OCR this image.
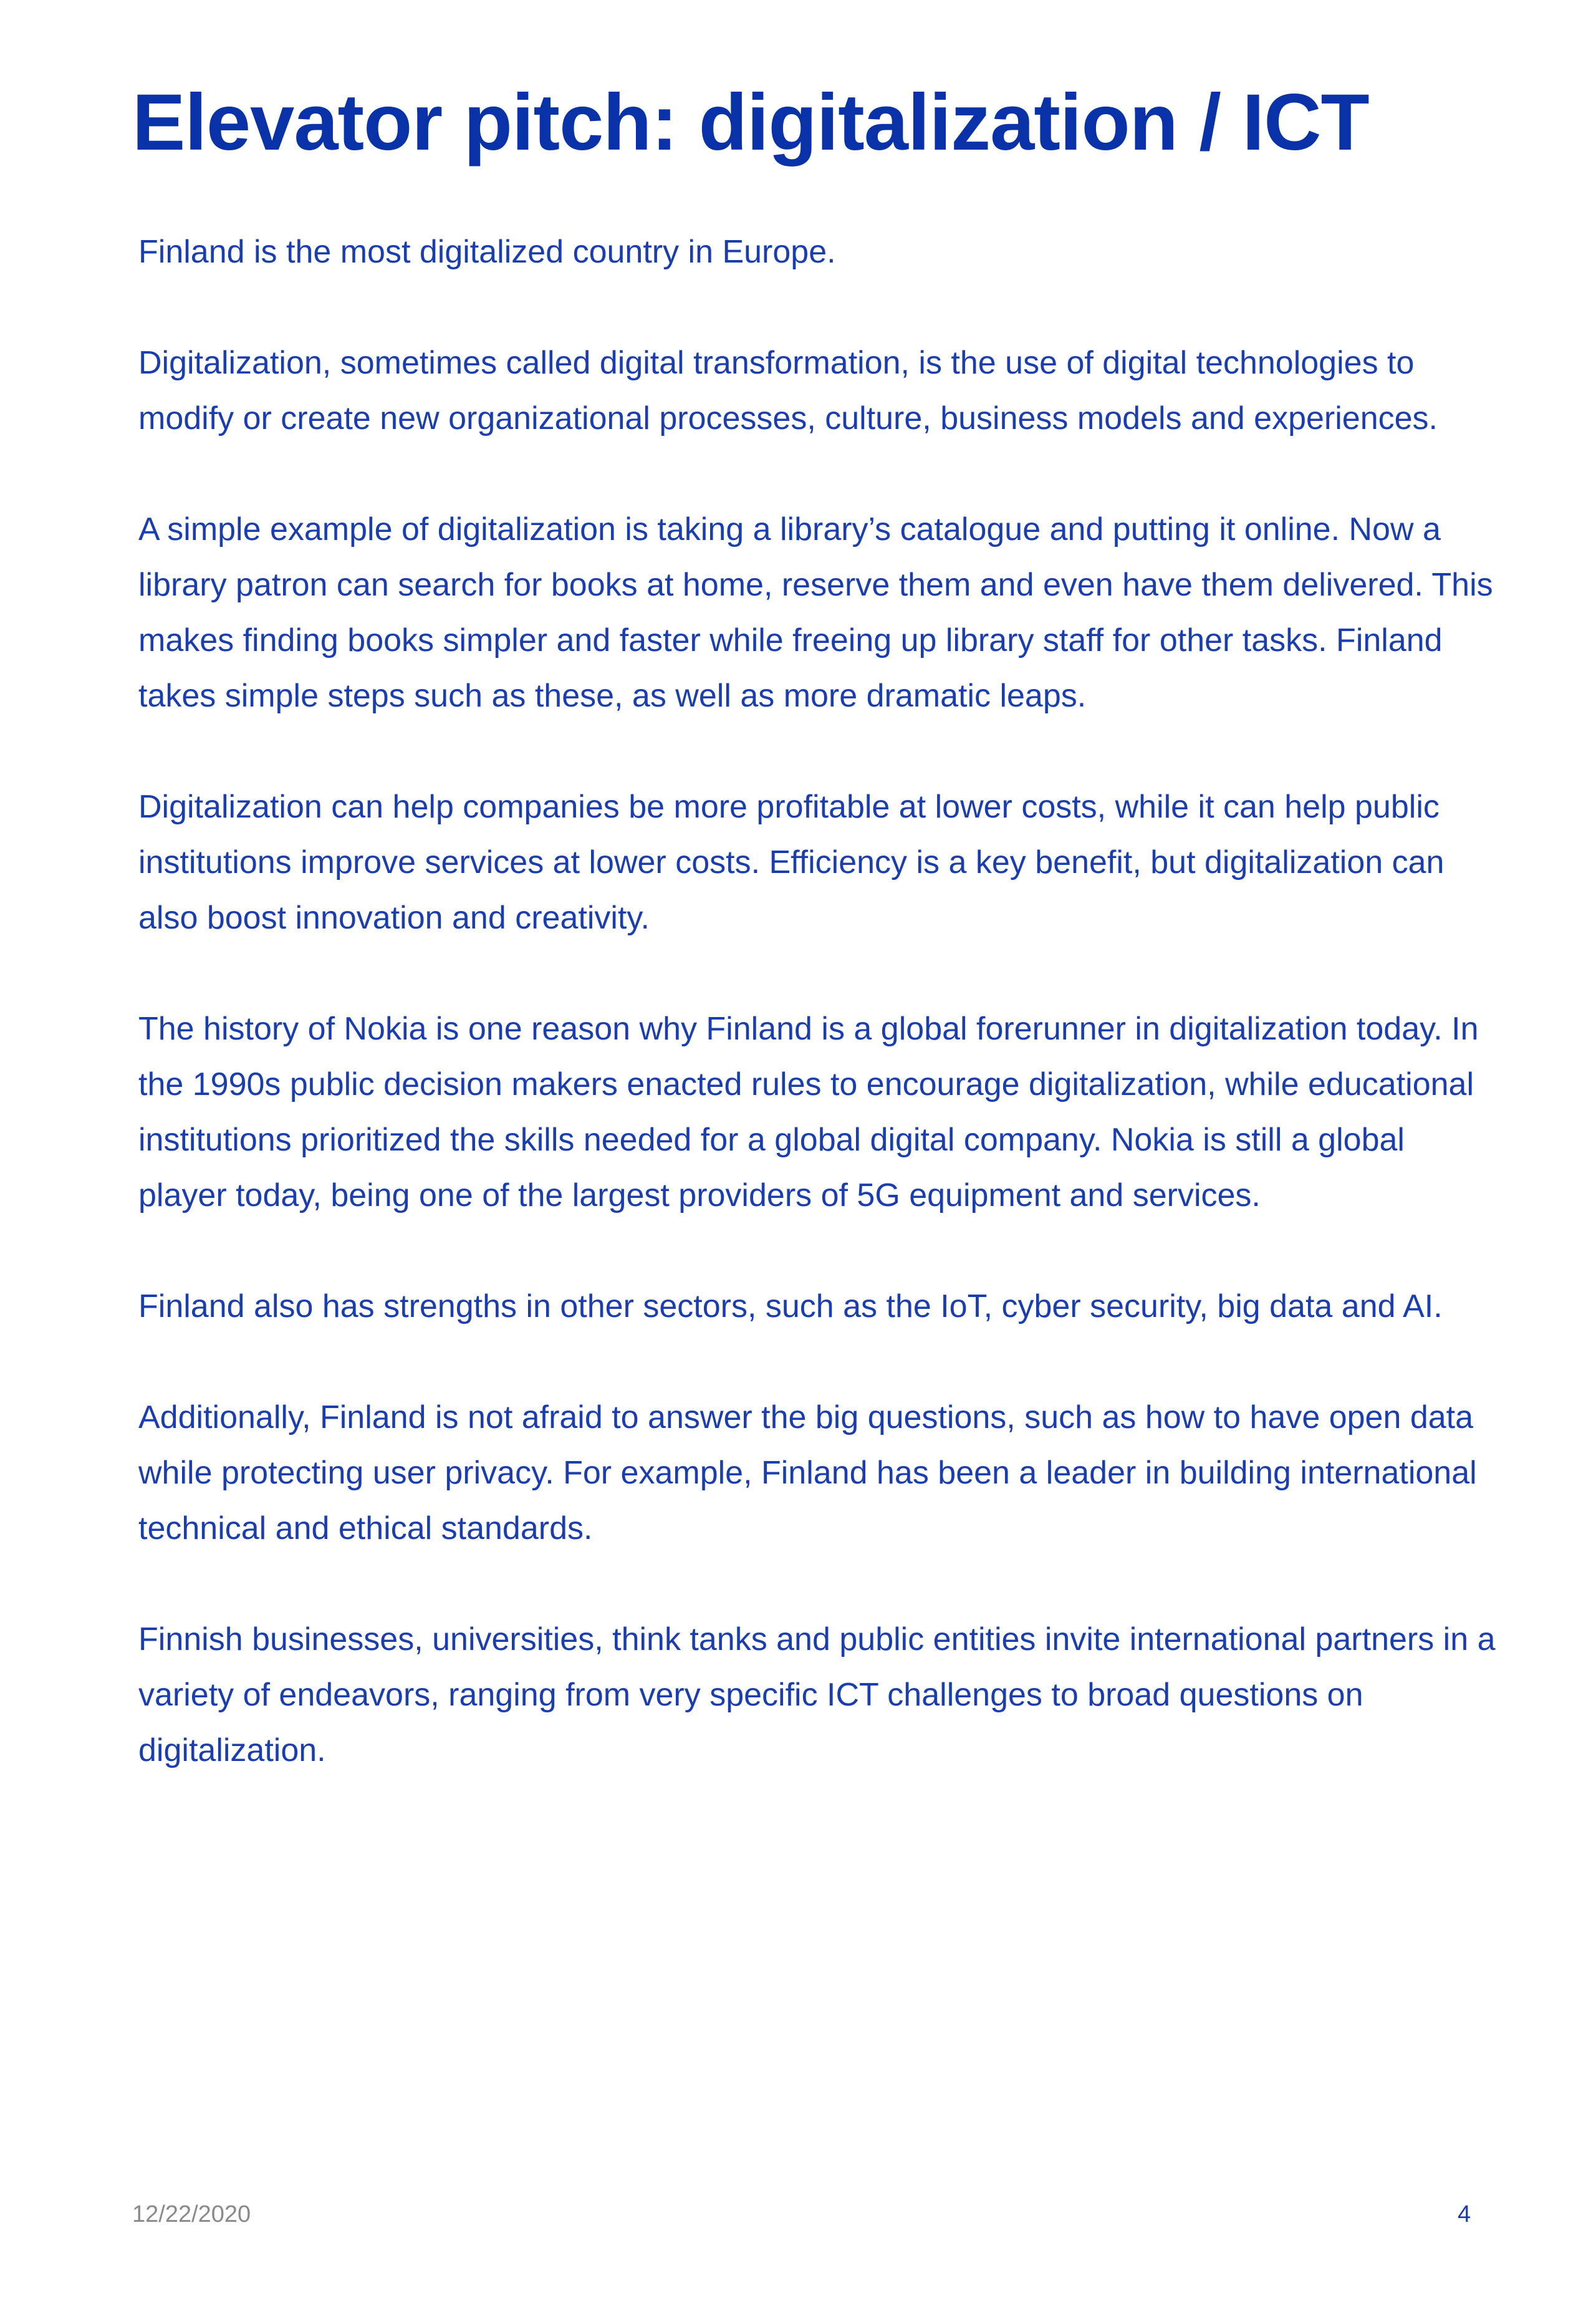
Elevator pitch: digitalization / ICT

Finland is the most digitalized country in Europe.

Digitalization, sometimes called digital transformation, is the use of digital technologies to modify or create new organizational processes, culture, business models and experiences.

A simple example of digitalization is taking a library’s catalogue and putting it online. Now a library patron can search for books at home, reserve them and even have them delivered. This makes finding books simpler and faster while freeing up library staff for other tasks. Finland takes simple steps such as these, as well as more dramatic leaps.

Digitalization can help companies be more profitable at lower costs, while it can help public institutions improve services at lower costs. Efficiency is a key benefit, but digitalization can also boost innovation and creativity.

The history of Nokia is one reason why Finland is a global forerunner in digitalization today. In the 1990s public decision makers enacted rules to encourage digitalization, while educational institutions prioritized the skills needed for a global digital company. Nokia is still a global player today, being one of the largest providers of 5G equipment and services.

Finland also has strengths in other sectors, such as the IoT, cyber security, big data and AI.

Additionally, Finland is not afraid to answer the big questions, such as how to have open data while protecting user privacy. For example, Finland has been a leader in building international technical and ethical standards.

Finnish businesses, universities, think tanks and public entities invite international partners in a variety of endeavors, ranging from very specific ICT challenges to broad questions on digitalization.

12/22/2020	4
